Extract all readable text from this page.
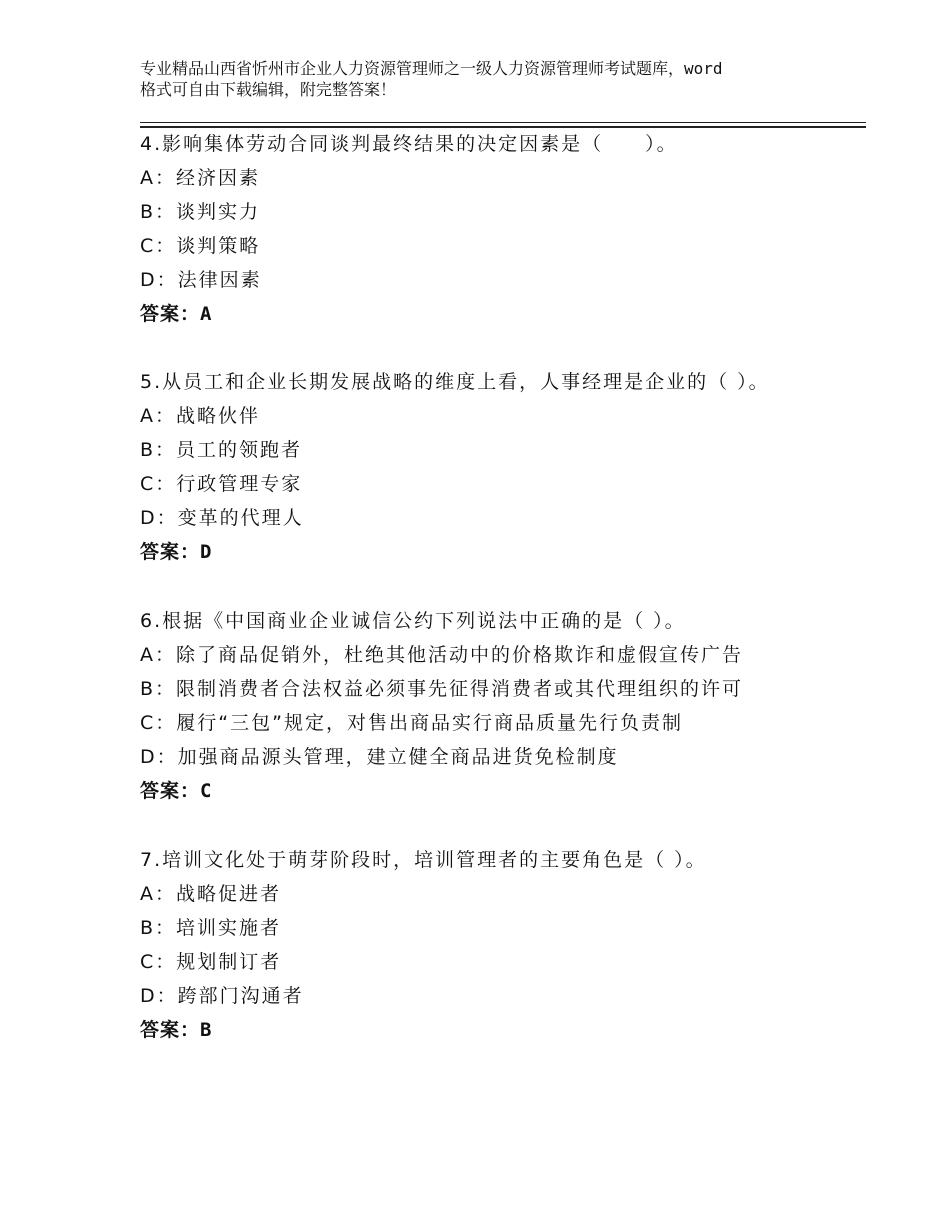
专业精品山西省忻州市企业人力资源管理师之一级人力资源管理师考试题库，word
格式可自由下载编辑，附完整答案！
4.影响集体劳动合同谈判最终结果的决定因素是（　　）。
A：经济因素
B：谈判实力
C：谈判策略
D：法律因素
答案：A
5.从员工和企业长期发展战略的维度上看，人事经理是企业的（ ）。
A：战略伙伴
B：员工的领跑者
C：行政管理专家
D：变革的代理人
答案：D
6.根据《中国商业企业诚信公约下列说法中正确的是（ ）。
A：除了商品促销外，杜绝其他活动中的价格欺诈和虚假宣传广告
B：限制消费者合法权益必须事先征得消费者或其代理组织的许可
C：履行“三包”规定，对售出商品实行商品质量先行负责制
D：加强商品源头管理，建立健全商品进货免检制度
答案：C
7.培训文化处于萌芽阶段时，培训管理者的主要角色是（ ）。
A：战略促进者
B：培训实施者
C：规划制订者
D：跨部门沟通者
答案：B
